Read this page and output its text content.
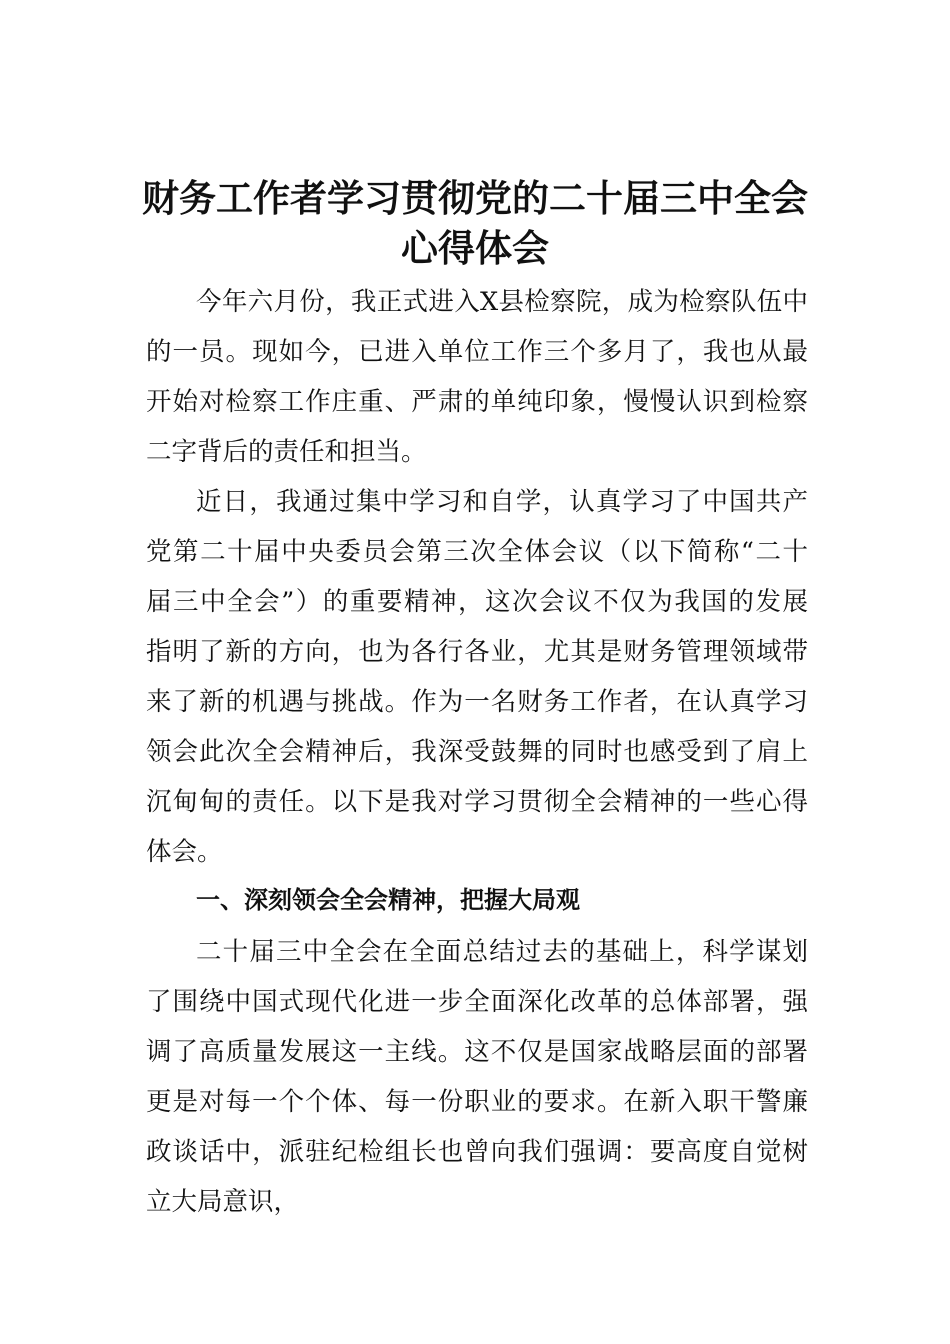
财务工作者学习贯彻党的二十届三中全会
心得体会
今年六月份，我正式进入X县检察院，成为检察队伍中
的一员。现如今，已进入单位工作三个多月了，我也从最
开始对检察工作庄重、严肃的单纯印象，慢慢认识到检察
二字背后的责任和担当。
近日，我通过集中学习和自学，认真学习了中国共产
党第二十届中央委员会第三次全体会议（以下简称“二十
届三中全会”）的重要精神，这次会议不仅为我国的发展
指明了新的方向，也为各行各业，尤其是财务管理领域带
来了新的机遇与挑战。作为一名财务工作者，在认真学习
领会此次全会精神后，我深受鼓舞的同时也感受到了肩上
沉甸甸的责任。以下是我对学习贯彻全会精神的一些心得
体会。
一、深刻领会全会精神，把握大局观
二十届三中全会在全面总结过去的基础上，科学谋划
了围绕中国式现代化进一步全面深化改革的总体部署，强
调了高质量发展这一主线。这不仅是国家战略层面的部署
更是对每一个个体、每一份职业的要求。在新入职干警廉
政谈话中，派驻纪检组长也曾向我们强调：要高度自觉树
立大局意识，
